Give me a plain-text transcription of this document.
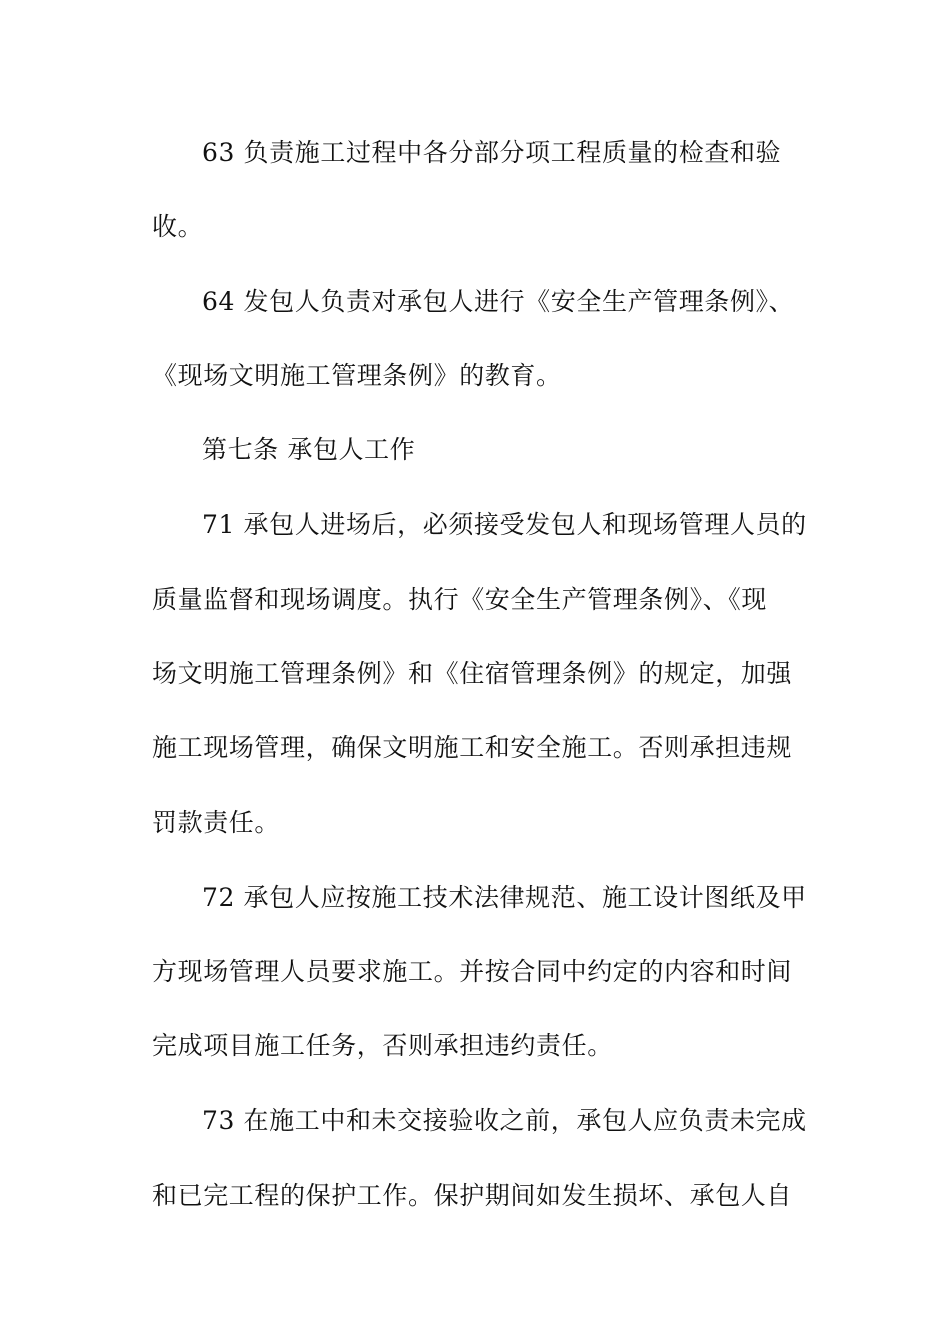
63 负责施工过程中各分部分项工程质量的检查和验
收。
64 发包人负责对承包人进行《安全生产管理条例》、
《现场文明施工管理条例》的教育。
第七条 承包人工作
71 承包人进场后，必须接受发包人和现场管理人员的
质量监督和现场调度。执行《安全生产管理条例》、《现
场文明施工管理条例》和《住宿管理条例》的规定，加强
施工现场管理，确保文明施工和安全施工。否则承担违规
罚款责任。
72 承包人应按施工技术法律规范、施工设计图纸及甲
方现场管理人员要求施工。并按合同中约定的内容和时间
完成项目施工任务，否则承担违约责任。
73 在施工中和未交接验收之前，承包人应负责未完成
和已完工程的保护工作。保护期间如发生损坏、承包人自
